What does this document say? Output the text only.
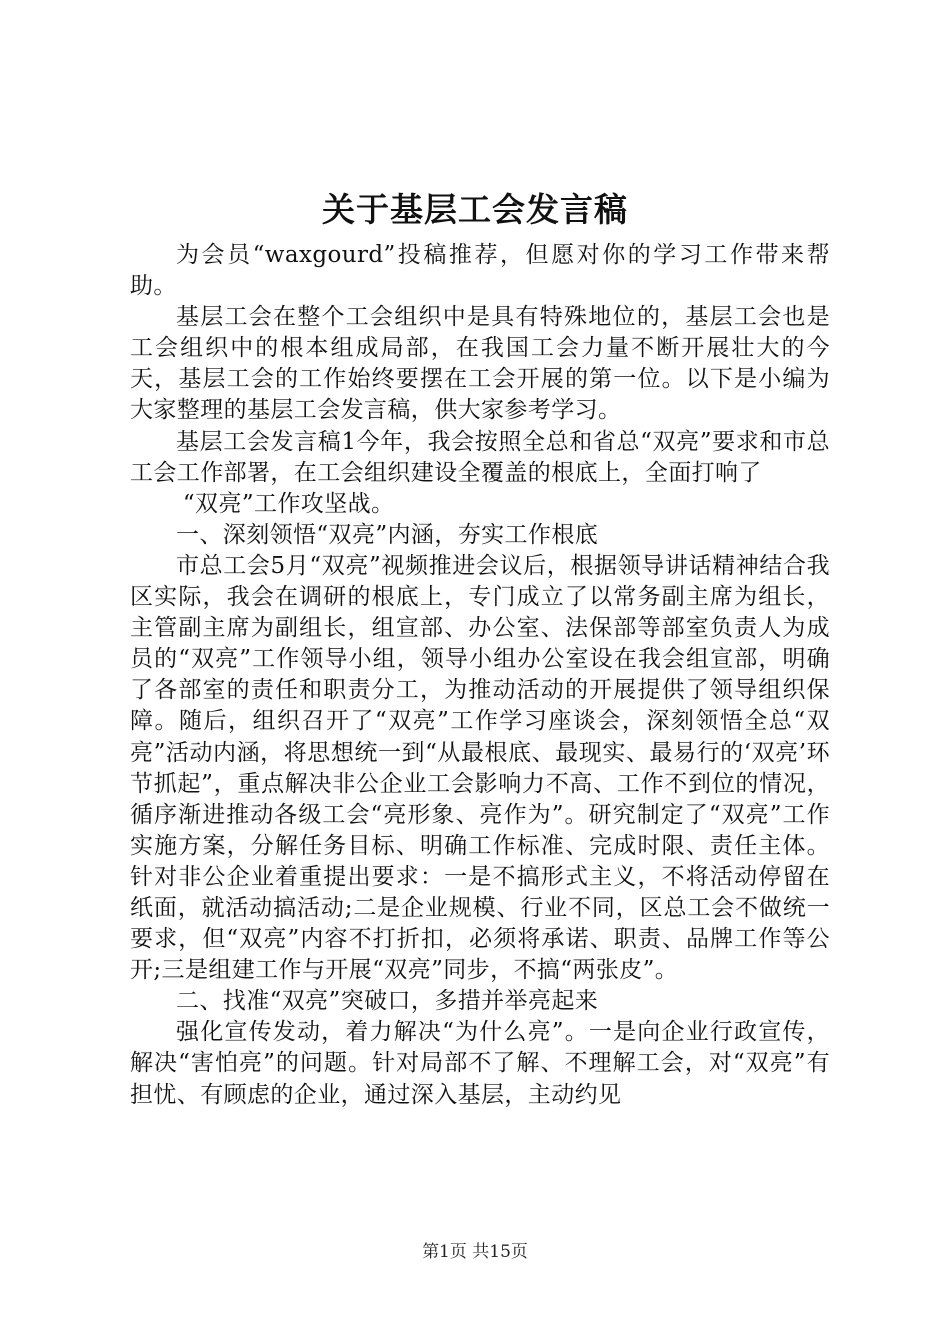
关于基层工会发言稿

为会员“waxgourd”投稿推荐，但愿对你的学习工作带来帮助。

基层工会在整个工会组织中是具有特殊地位的，基层工会也是工会组织中的根本组成局部，在我国工会力量不断开展壮大的今天，基层工会的工作始终要摆在工会开展的第一位。以下是小编为大家整理的基层工会发言稿，供大家参考学习。

基层工会发言稿1今年，我会按照全总和省总“双亮”要求和市总工会工作部署，在工会组织建设全覆盖的根底上，全面打响了

“双亮”工作攻坚战。

一、深刻领悟“双亮”内涵，夯实工作根底

市总工会5月“双亮”视频推进会议后，根据领导讲话精神结合我区实际，我会在调研的根底上，专门成立了以常务副主席为组长，主管副主席为副组长，组宣部、办公室、法保部等部室负责人为成员的“双亮”工作领导小组，领导小组办公室设在我会组宣部，明确了各部室的责任和职责分工，为推动活动的开展提供了领导组织保障。随后，组织召开了“双亮”工作学习座谈会，深刻领悟全总“双亮”活动内涵，将思想统一到“从最根底、最现实、最易行的‘双亮’环节抓起”，重点解决非公企业工会影响力不高、工作不到位的情况，循序渐进推动各级工会“亮形象、亮作为”。研究制定了“双亮”工作实施方案，分解任务目标、明确工作标准、完成时限、责任主体。针对非公企业着重提出要求：一是不搞形式主义，不将活动停留在纸面，就活动搞活动;二是企业规模、行业不同，区总工会不做统一要求，但“双亮”内容不打折扣，必须将承诺、职责、品牌工作等公开;三是组建工作与开展“双亮”同步，不搞“两张皮”。

二、找准“双亮”突破口，多措并举亮起来

强化宣传发动，着力解决“为什么亮”。一是向企业行政宣传，解决“害怕亮”的问题。针对局部不了解、不理解工会，对“双亮”有担忧、有顾虑的企业，通过深入基层，主动约见

第1页 共15页
